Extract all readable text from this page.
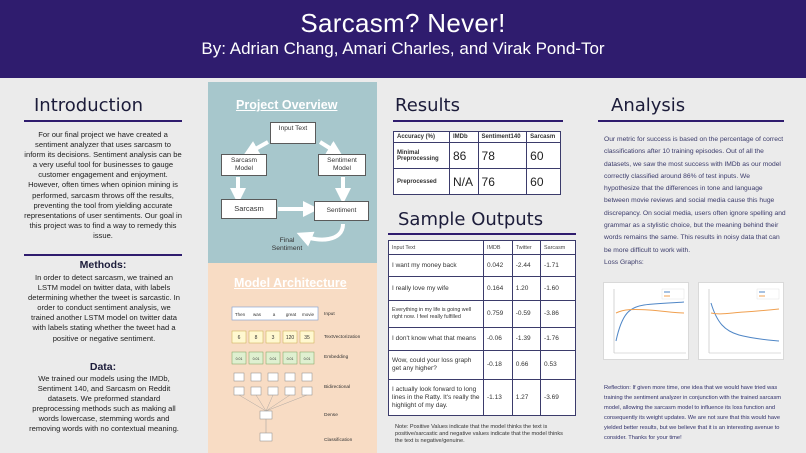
Sarcasm? Never!
By: Adrian Chang, Amari Charles, and Virak Pond-Tor
Introduction
For our final project we have created a sentiment analyzer that uses sarcasm to inform its decisions. Sentiment analysis can be a very useful tool for businesses to gauge customer engagement and enjoyment. However, often times when opinion mining is performed, sarcasm throws off the results, preventing the tool from yielding accurate representations of user sentiments. Our goal in this project was to find a way to remedy this issue.
Methods:
In order to detect sarcasm, we trained an LSTM model on twitter data, with labels determining whether the tweet is sarcastic. In order to conduct sentiment analysis, we trained another LSTM model on twitter data with labels stating whether the tweet had a positive or negative sentiment.
Data:
We trained our models using the IMDb, Sentiment 140, and Sarcasm on Reddit datasets. We preformed standard preprocessing methods such as making all words lowercase, stemming words and removing words with no contextual meaning.
Project Overview
Input Text
Sarcasm Model
Sentiment Model
Sarcasm	Sentiment
Final Sentiment
Model Architecture
Then was	a great movie
6	8	3 120 35
0.01	0.01	0.01	0.01	0.01
Input
TextVectorization
Embedding
Bidirectional
Dense
Classification
Results
Accuracy (%)	IMDb	Sentiment140	Sarcasm
Minimal Preprocessing	86	78	60
Preprocessed	N/A	76	60
Sample Outputs
Input Text	IMDB	Twitter	Sarcasm
I want my money back	0.042	-2.44	-1.71
I really love my wife	0.164	1.20	-1.60
Everything in my life is going well right now. I feel really fulfilled	0.759	-0.59	-3.86
I don't know what that means	-0.06	-1.39	-1.76
Wow, could your loss graph get any higher?	-0.18	0.66	0.53
I actually look forward to long lines in the Ratty. It's really the highlight of my day.	-1.13	1.27	-3.69
Note: Positive Values indicate that the model thinks the text is positive/sarcastic and negative values indicate that the model thinks the text is negative/genuine.
Analysis
Our metric for success is based on the percentage of correct classifications after 10 training episodes. Out of all the datasets, we saw the most success with IMDb as our model correctly classified around 86% of test inputs. We hypothesize that the differences in tone and language between movie reviews and social media cause this huge discrepancy. On social media, users often ignore spelling and grammar as a stylistic choice, but the meaning behind their words remains the same. This results in noisy data that can be more difficult to work with.
Loss Graphs:
Reflection: If given more time, one idea that we would have tried was training the sentiment analyzer in conjunction with the trained sarcasm model, allowing the sarcasm model to influence its loss function and consequently its weight updates. We are not sure that this would have yielded better results, but we believe that it is an interesting avenue to consider. Thanks for your time!
